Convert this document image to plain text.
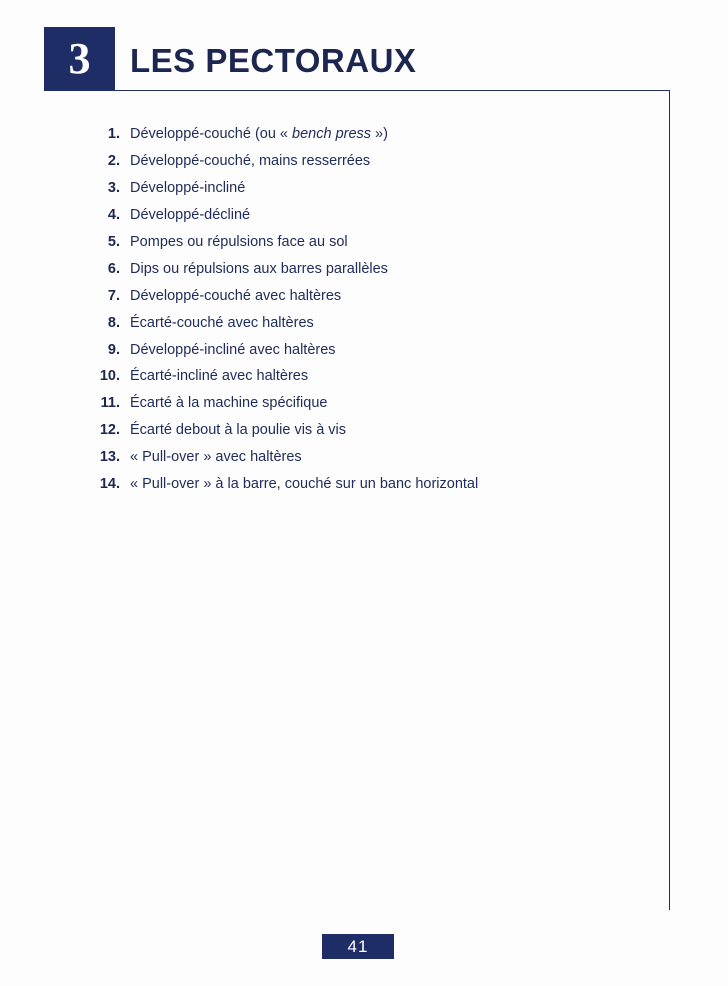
3 LES PECTORAUX
1. Développé-couché (ou « bench press »)
2. Développé-couché, mains resserrées
3. Développé-incliné
4. Développé-décliné
5. Pompes ou répulsions face au sol
6. Dips ou répulsions aux barres parallèles
7. Développé-couché avec haltères
8. Écarté-couché avec haltères
9. Développé-incliné avec haltères
10. Écarté-incliné avec haltères
11. Écarté à la machine spécifique
12. Écarté debout à la poulie vis à vis
13. « Pull-over » avec haltères
14. « Pull-over » à la barre, couché sur un banc horizontal
41
